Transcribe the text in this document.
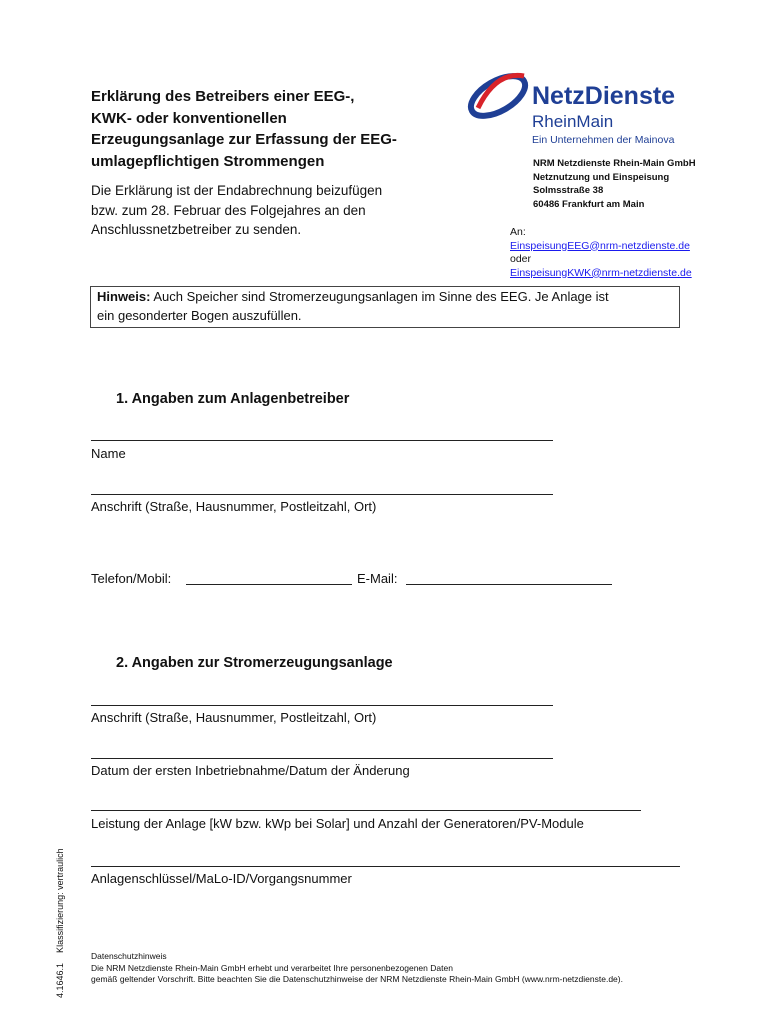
Erklärung des Betreibers einer EEG-,
KWK- oder konventionellen
Erzeugungsanlage zur Erfassung der EEG-
umlagepflichtigen Strommengen
Die Erklärung ist der Endabrechnung beizufügen
bzw. zum 28. Februar des Folgejahres an den
Anschlussnetzbetreiber zu senden.
NetzDienste
RheinMain
Ein Unternehmen der Mainova
NRM Netzdienste Rhein-Main GmbH
Netznutzung und Einspeisung
Solmsstraße 38
60486 Frankfurt am Main
An:
EinspeisungEEG@nrm-netzdienste.de
oder
EinspeisungKWK@nrm-netzdienste.de
Hinweis: Auch Speicher sind Stromerzeugungsanlagen im Sinne des EEG. Je Anlage ist
ein gesonderter Bogen auszufüllen.
1. Angaben zum Anlagenbetreiber
Name
Anschrift (Straße, Hausnummer, Postleitzahl, Ort)
Telefon/Mobil:	E-Mail:
2. Angaben zur Stromerzeugungsanlage
Anschrift (Straße, Hausnummer, Postleitzahl, Ort)
Datum der ersten Inbetriebnahme/Datum der Änderung
Leistung der Anlage [kW bzw. kWp bei Solar] und Anzahl der Generatoren/PV-Module
Anlagenschlüssel/MaLo-ID/Vorgangsnummer
4.1646.1    Klassifizierung: vertraulich
Datenschutzhinweis
Die NRM Netzdienste Rhein-Main GmbH erhebt und verarbeitet Ihre personenbezogenen Daten
gemäß geltender Vorschrift. Bitte beachten Sie die Datenschutzhinweise der NRM Netzdienste Rhein-Main GmbH (www.nrm-netzdienste.de).
